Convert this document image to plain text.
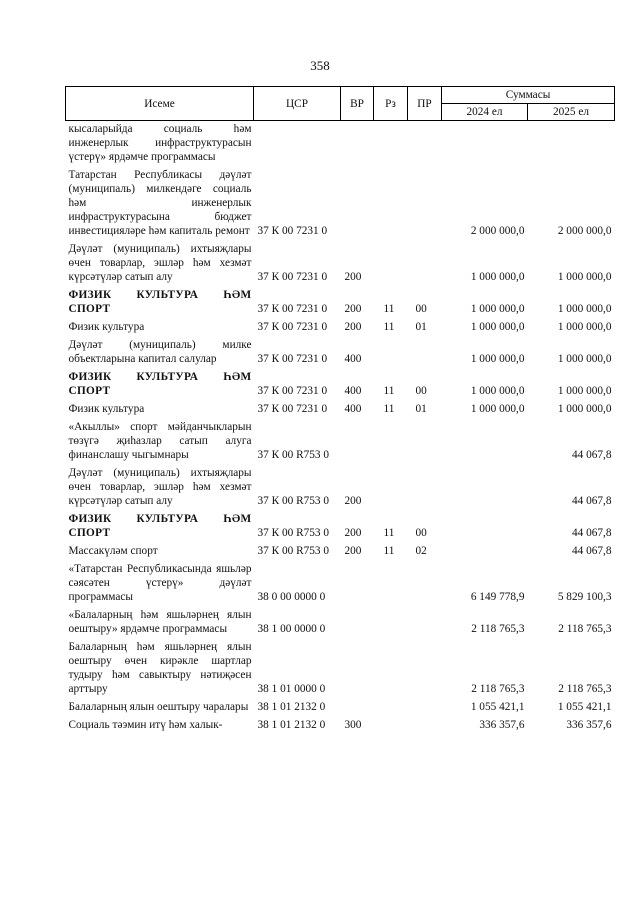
358
Исеме	ЦСР	ВР	Рз	ПР	Суммасы	
					2024 ел	2025 ел
кысаларыйда социаль һәм инженерлык инфраструктурасын үстерү» ярдәмче программасы						
Татарстан Республикасы дәүләт (муниципаль) милкендәге социаль һәм инженерлык инфраструктурасына бюджет инвестицияләре һәм капиталь ремонт	37 К 00 7231 0				2 000 000,0	2 000 000,0
Дәүләт (муниципаль) ихтыяҗлары өчен товарлар, эшләр һәм хезмәт күрсәтүләр сатып алу	37 К 00 7231 0	200			1 000 000,0	1 000 000,0
ФИЗИК КУЛЬТУРА ҺӘМ СПОРТ	37 К 00 7231 0	200	11	00	1 000 000,0	1 000 000,0
Физик культура	37 К 00 7231 0	200	11	01	1 000 000,0	1 000 000,0
Дәүләт (муниципаль) милке объектларына капитал салулар	37 К 00 7231 0	400			1 000 000,0	1 000 000,0
ФИЗИК КУЛЬТУРА ҺӘМ СПОРТ	37 К 00 7231 0	400	11	00	1 000 000,0	1 000 000,0
Физик культура	37 К 00 7231 0	400	11	01	1 000 000,0	1 000 000,0
«Акыллы» спорт мәйданчыкларын төзүгә җиһазлар сатып алуга финанслашу чыгымнары	37 К 00 R753 0					44 067,8
Дәүләт (муниципаль) ихтыяҗлары өчен товарлар, эшләр һәм хезмәт күрсәтүләр сатып алу	37 К 00 R753 0	200				44 067,8
ФИЗИК КУЛЬТУРА ҺӘМ СПОРТ	37 К 00 R753 0	200	11	00		44 067,8
Массакүләм спорт	37 К 00 R753 0	200	11	02		44 067,8
«Татарстан Республикасында яшьләр сәясәтен үстерү» дәүләт программасы	38 0 00 0000 0				6 149 778,9	5 829 100,3
«Балаларның һәм яшьләрнең ялын оештыру» ярдәмче программасы	38 1 00 0000 0				2 118 765,3	2 118 765,3
Балаларның һәм яшьләрнең ялын оештыру өчен кирәкле шартлар тудыру һәм савыктыру нәтиҗәсен арттыру	38 1 01 0000 0				2 118 765,3	2 118 765,3
Балаларның ялын оештыру чаралары	38 1 01 2132 0				1 055 421,1	1 055 421,1
Социаль тәэмин итү һәм халык-	38 1 01 2132 0	300			336 357,6	336 357,6
